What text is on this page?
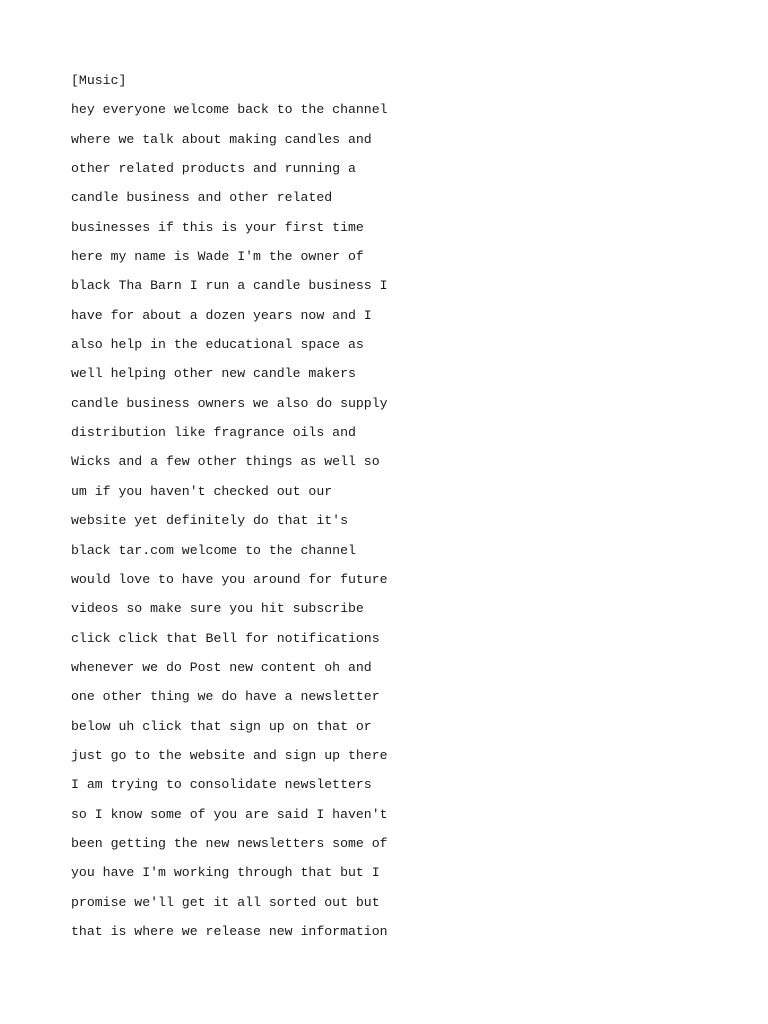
[Music]
hey everyone welcome back to the channel
where we talk about making candles and
other related products and running a
candle business and other related
businesses if this is your first time
here my name is Wade I'm the owner of
black Tha Barn I run a candle business I
have for about a dozen years now and I
also help in the educational space as
well helping other new candle makers
candle business owners we also do supply
distribution like fragrance oils and
Wicks and a few other things as well so
um if you haven't checked out our
website yet definitely do that it's
black tar.com welcome to the channel
would love to have you around for future
videos so make sure you hit subscribe
click click that Bell for notifications
whenever we do Post new content oh and
one other thing we do have a newsletter
below uh click that sign up on that or
just go to the website and sign up there
I am trying to consolidate newsletters
so I know some of you are said I haven't
been getting the new newsletters some of
you have I'm working through that but I
promise we'll get it all sorted out but
that is where we release new information
